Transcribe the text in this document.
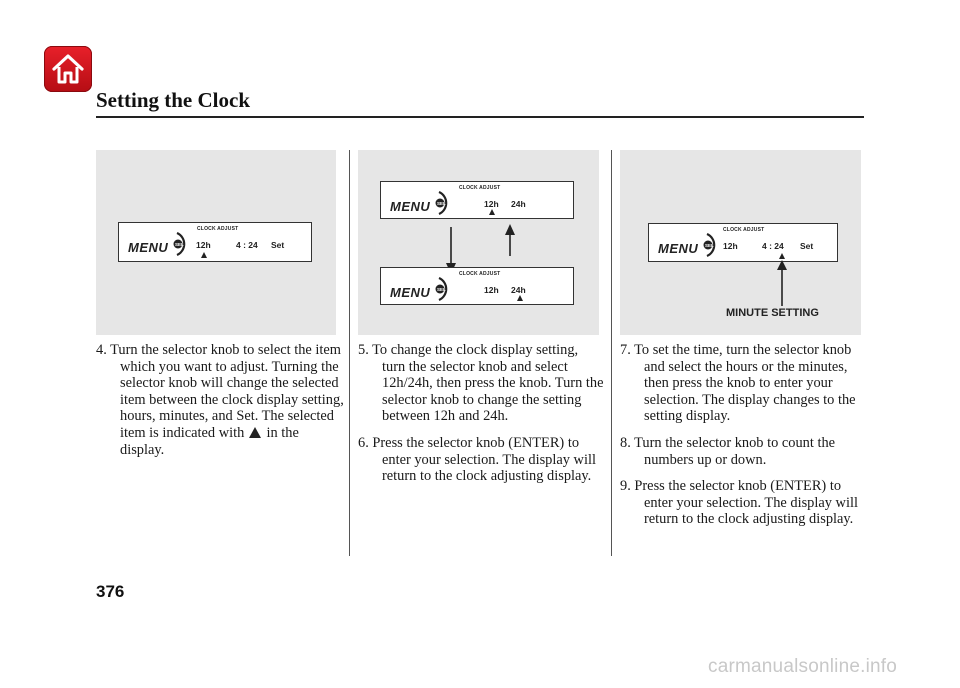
Setting the Clock
CLOCK ADJUST
MENU SEL 12h	4 : 24 Set
CLOCK ADJUST
MENU SEL	12h 24h
CLOCK ADJUST
MENU SEL	12h 24h
CLOCK ADJUST
MENU SEL 12h	4 : 24 Set
MINUTE SETTING

4. Turn the selector knob to select the item which you want to adjust. Turning the selector knob will change the selected item between the clock display setting, hours, minutes, and Set. The selected item is indicated with in the display.

5. To change the clock display setting, turn the selector knob and select 12h/24h, then press the knob. Turn the selector knob to change the setting between 12h and 24h.

6. Press the selector knob (ENTER) to enter your selection. The display will return to the clock adjusting display.

7. To set the time, turn the selector knob and select the hours or the minutes, then press the knob to enter your selection. The display changes to the setting display.

8. Turn the selector knob to count the numbers up or down.

9. Press the selector knob (ENTER) to enter your selection. The display will return to the clock adjusting display.

376
carmanualsonline.info
